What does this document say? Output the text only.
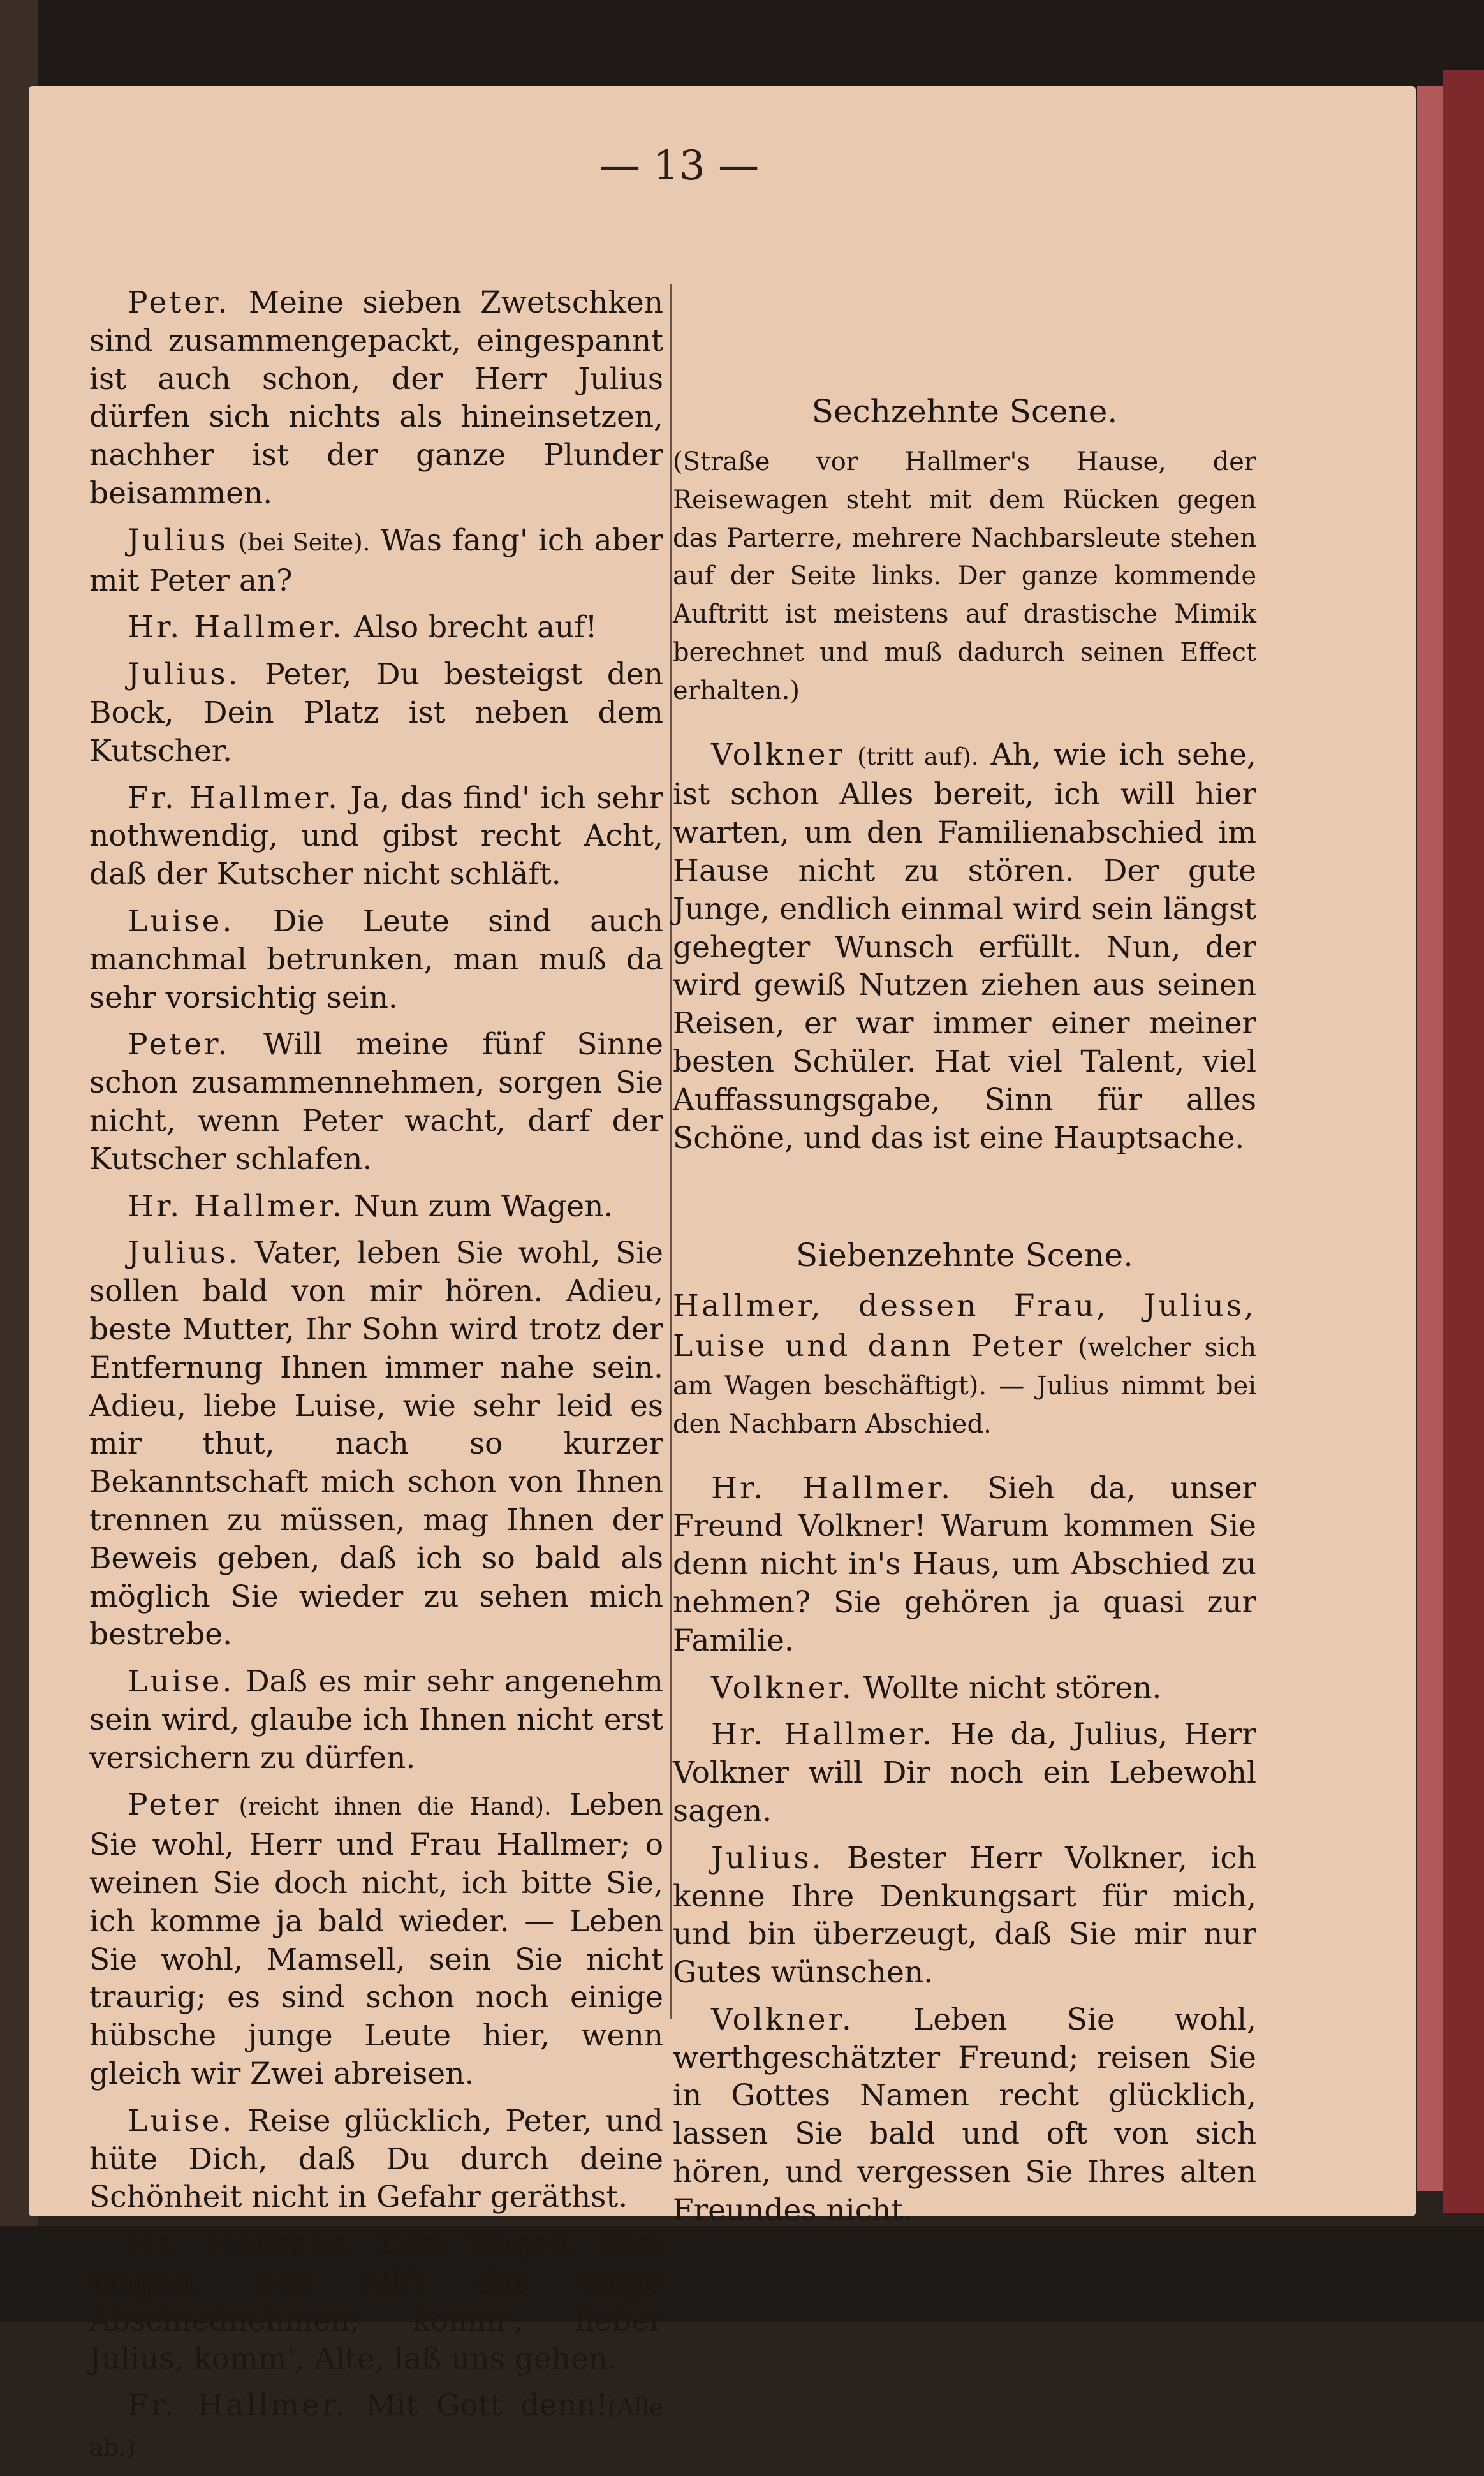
— 13 —

Peter. Meine sieben Zwetschken sind zusammengepackt, eingespannt ist auch schon, der Herr Julius dürfen sich nichts als hineinsetzen, nachher ist der ganze Plunder beisammen.

Julius (bei Seite). Was fang' ich aber mit Peter an?

Hr. Hallmer. Also brecht auf!

Julius. Peter, Du besteigst den Bock, Dein Platz ist neben dem Kutscher.

Fr. Hallmer. Ja, das find' ich sehr nothwendig, und gibst recht Acht, daß der Kutscher nicht schläft.

Luise. Die Leute sind auch manchmal betrunken, man muß da sehr vorsichtig sein.

Peter. Will meine fünf Sinne schon zusammennehmen, sorgen Sie nicht, wenn Peter wacht, darf der Kutscher schlafen.

Hr. Hallmer. Nun zum Wagen.

Julius. Vater, leben Sie wohl, Sie sollen bald von mir hören. Adieu, beste Mutter, Ihr Sohn wird trotz der Entfernung Ihnen immer nahe sein. Adieu, liebe Luise, wie sehr leid es mir thut, nach so kurzer Bekanntschaft mich schon von Ihnen trennen zu müssen, mag Ihnen der Beweis geben, daß ich so bald als möglich Sie wieder zu sehen mich bestrebe.

Luise. Daß es mir sehr angenehm sein wird, glaube ich Ihnen nicht erst versichern zu dürfen.

Peter (reicht ihnen die Hand). Leben Sie wohl, Herr und Frau Hallmer; o weinen Sie doch nicht, ich bitte Sie, ich komme ja bald wieder. — Leben Sie wohl, Mamsell, sein Sie nicht traurig; es sind schon noch einige hübsche junge Leute hier, wenn gleich wir Zwei abreisen.

Luise. Reise glücklich, Peter, und hüte Dich, daß Du durch deine Schönheit nicht in Gefahr geräthst.

Hr. Hallmer. Zum Wagen, zum Wagen, was hilft das lange Abschiednehmen; komm', lieber Julius, komm', Alte, laß uns gehen.

Fr. Hallmer. Mit Gott denn!(Alle ab.)

Sechzehnte Scene.

(Straße vor Hallmer's Hause, der Reisewagen steht mit dem Rücken gegen das Parterre, mehrere Nachbarsleute stehen auf der Seite links. Der ganze kommende Auftritt ist meistens auf drastische Mimik berechnet und muß dadurch seinen Effect erhalten.)

Volkner (tritt auf). Ah, wie ich sehe, ist schon Alles bereit, ich will hier warten, um den Familienabschied im Hause nicht zu stören. Der gute Junge, endlich einmal wird sein längst gehegter Wunsch erfüllt. Nun, der wird gewiß Nutzen ziehen aus seinen Reisen, er war immer einer meiner besten Schüler. Hat viel Talent, viel Auffassungsgabe, Sinn für alles Schöne, und das ist eine Hauptsache.

Siebenzehnte Scene.

Hallmer, dessen Frau, Julius, Luise und dann Peter (welcher sich am Wagen beschäftigt). — Julius nimmt bei den Nachbarn Abschied.

Hr. Hallmer. Sieh da, unser Freund Volkner! Warum kommen Sie denn nicht in's Haus, um Abschied zu nehmen? Sie gehören ja quasi zur Familie.

Volkner. Wollte nicht stören.

Hr. Hallmer. He da, Julius, Herr Volkner will Dir noch ein Lebewohl sagen.

Julius. Bester Herr Volkner, ich kenne Ihre Denkungsart für mich, und bin überzeugt, daß Sie mir nur Gutes wünschen.

Volkner. Leben Sie wohl, werthgeschätzter Freund; reisen Sie in Gottes Namen recht glücklich, lassen Sie bald und oft von sich hören, und vergessen Sie Ihres alten Freundes nicht.
